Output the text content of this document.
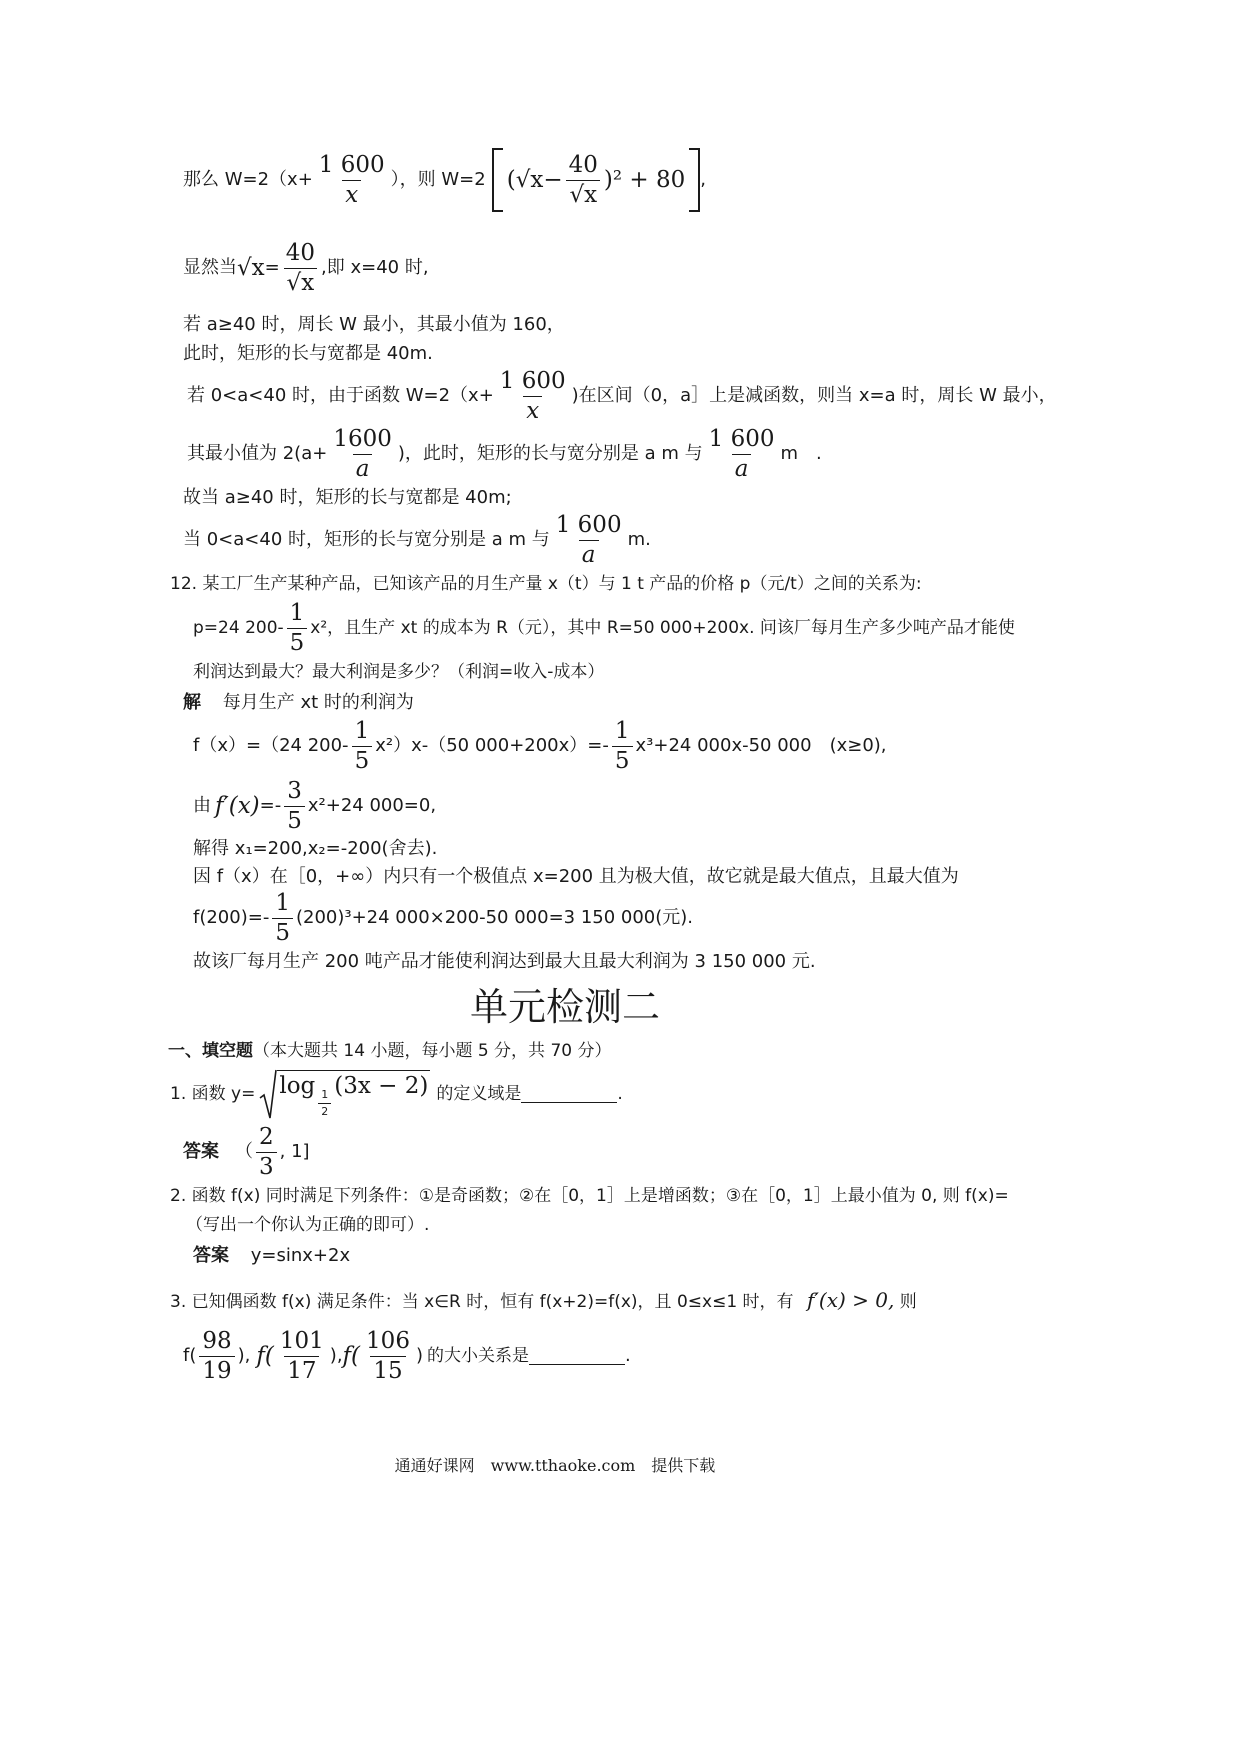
那么 $W=2(x+ \frac{1 600}{x}$ ），则 W=2 ( $√x - \frac{40}{√x} )^2 + 80$ ,
显然当 $√x = \frac{40}{√x}$ ,即 x=40 时,
若 a≥40 时，周长 W 最小，其最小值为 160，
此时，矩形的长与宽都是 40m.
若 0<a<40 时，由于函数 $W=2(x+ \frac{1 600}{x}$ )在区间（0，a］上是减函数，则当 x=a 时，周长 W 最小，
其最小值为 $2(a+ \frac{1600}{a}$ )，此时，矩形的长与宽分别是 a m 与 $\frac{1 600}{a}$ m　.
故当 a≥40 时，矩形的长与宽都是 40m;
当 0<a<40 时，矩形的长与宽分别是 a m 与 $\frac{1 600}{a} m$.
12. 某工厂生产某种产品，已知该产品的月生产量 x（t）与 1 t 产品的价格 p（元/t）之间的关系为:
p=24 $200- \frac{1}{5} x^2$，且生产 xt 的成本为 R（元），其中 R=50 000+200x. 问该厂每月生产多少吨产品才能使
利润达到最大？最大利润是多少？（利润=收入-成本）
解 每月生产 xt 时的利润为
f（x）=（24 $200- \frac{1}{5} x^2)x-(50$ $000+200x)=- \frac{1}{5} x^3+24$ 000x-50 000　(x≥0),
由 $f'(x) =- \frac{3}{5} x^2+24$ 000=0,
解得 x₁=200,x₂=-200(舍去).
因 f（x）在［0，+∞）内只有一个极值点 x=200 且为极大值，故它就是最大值点，且最大值为
$f(200)=- \frac{1}{5} (200)^3+24$ 000×200-50 000=3 150 000(元).
故该厂每月生产 200 吨产品才能使利润达到最大且最大利润为 3 150 000 元.
单元检测二
一、填空题（本大题共 14 小题，每小题 5 分，共 70 分）
1. 函数 y= log
$\frac{1}{2}$
(3x − 2) 的定义域是	.
答案 （ $\frac{2}{3}$ , 1]
2. 函数 f(x) 同时满足下列条件：①是奇函数；②在［0，1］上是增函数；③在［0，1］上最小值为 0, 则 f(x)=
（写出一个你认为正确的即可）.
答案 y=sinx+2x
3. 已知偶函数 f(x) 满足条件：当 x∈R 时，恒有 f(x+2)=f(x)，且 0≤x≤1 时，有 f′(x) > 0, 则
$f( \frac{98}{19}$ ), $f( \frac{101}{17}$ ), $f( \frac{106}{15}$ ) 的大小关系是	.
通通好课网　www.tthaoke.com　提供下载
